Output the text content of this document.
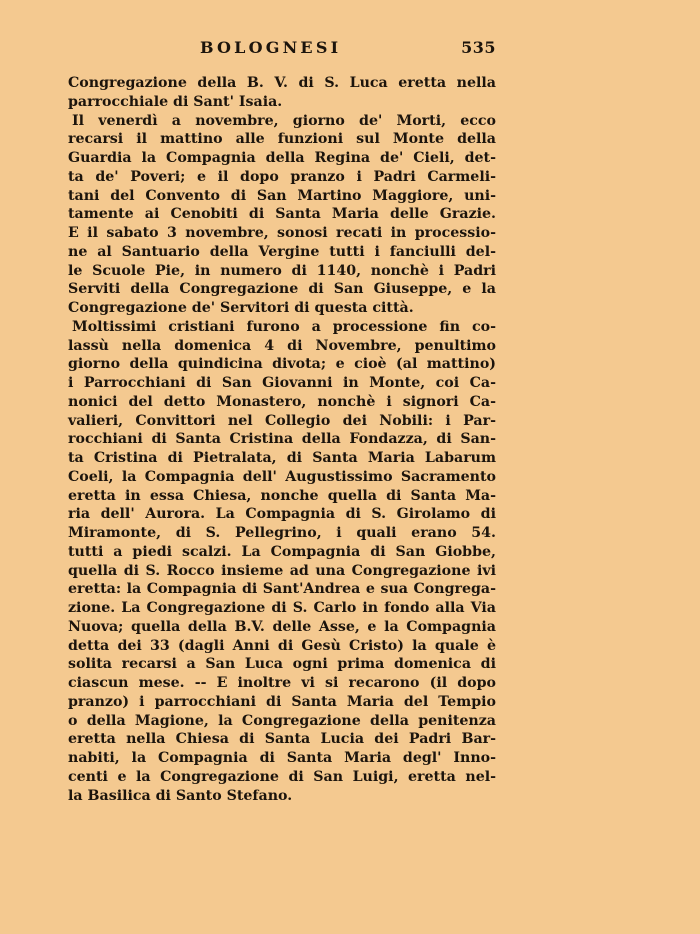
BOLOGNESI	535
Congregazione della B. V. di S. Luca eretta nella
parrocchiale di Sant' Isaia.
Il venerdì a novembre, giorno de' Morti, ecco
recarsi il mattino alle funzioni sul Monte della
Guardia la Compagnia della Regina de' Cieli, det-
ta de' Poveri; e il dopo pranzo i Padri Carmeli-
tani del Convento di San Martino Maggiore, uni-
tamente ai Cenobiti di Santa Maria delle Grazie.
E il sabato 3 novembre, sonosi recati in processio-
ne al Santuario della Vergine tutti i fanciulli del-
le Scuole Pie, in numero di 1140, nonchè i Padri
Serviti della Congregazione di San Giuseppe, e la
Congregazione de' Servitori di questa città.
Moltissimi cristiani furono a processione fin co-
lassù nella domenica 4 di Novembre, penultimo
giorno della quindicina divota; e cioè (al mattino)
i Parrocchiani di San Giovanni in Monte, coi Ca-
nonici del detto Monastero, nonchè i signori Ca-
valieri, Convittori nel Collegio dei Nobili: i Par-
rocchiani di Santa Cristina della Fondazza, di San-
ta Cristina di Pietralata, di Santa Maria Labarum
Coeli, la Compagnia dell' Augustissimo Sacramento
eretta in essa Chiesa, nonche quella di Santa Ma-
ria dell' Aurora. La Compagnia di S. Girolamo di
Miramonte, di S. Pellegrino, i quali erano 54.
tutti a piedi scalzi. La Compagnia di San Giobbe,
quella di S. Rocco insieme ad una Congregazione ivi
eretta: la Compagnia di Sant'Andrea e sua Congrega-
zione. La Congregazione di S. Carlo in fondo alla Via
Nuova; quella della B.V. delle Asse, e la Compagnia
detta dei 33 (dagli Anni di Gesù Cristo) la quale è
solita recarsi a San Luca ogni prima domenica di
ciascun mese. -- E inoltre vi si recarono (il dopo
pranzo) i parrocchiani di Santa Maria del Tempio
o della Magione, la Congregazione della penitenza
eretta nella Chiesa di Santa Lucia dei Padri Bar-
nabiti, la Compagnia di Santa Maria degl' Inno-
centi e la Congregazione di San Luigi, eretta nel-
la Basilica di Santo Stefano.
